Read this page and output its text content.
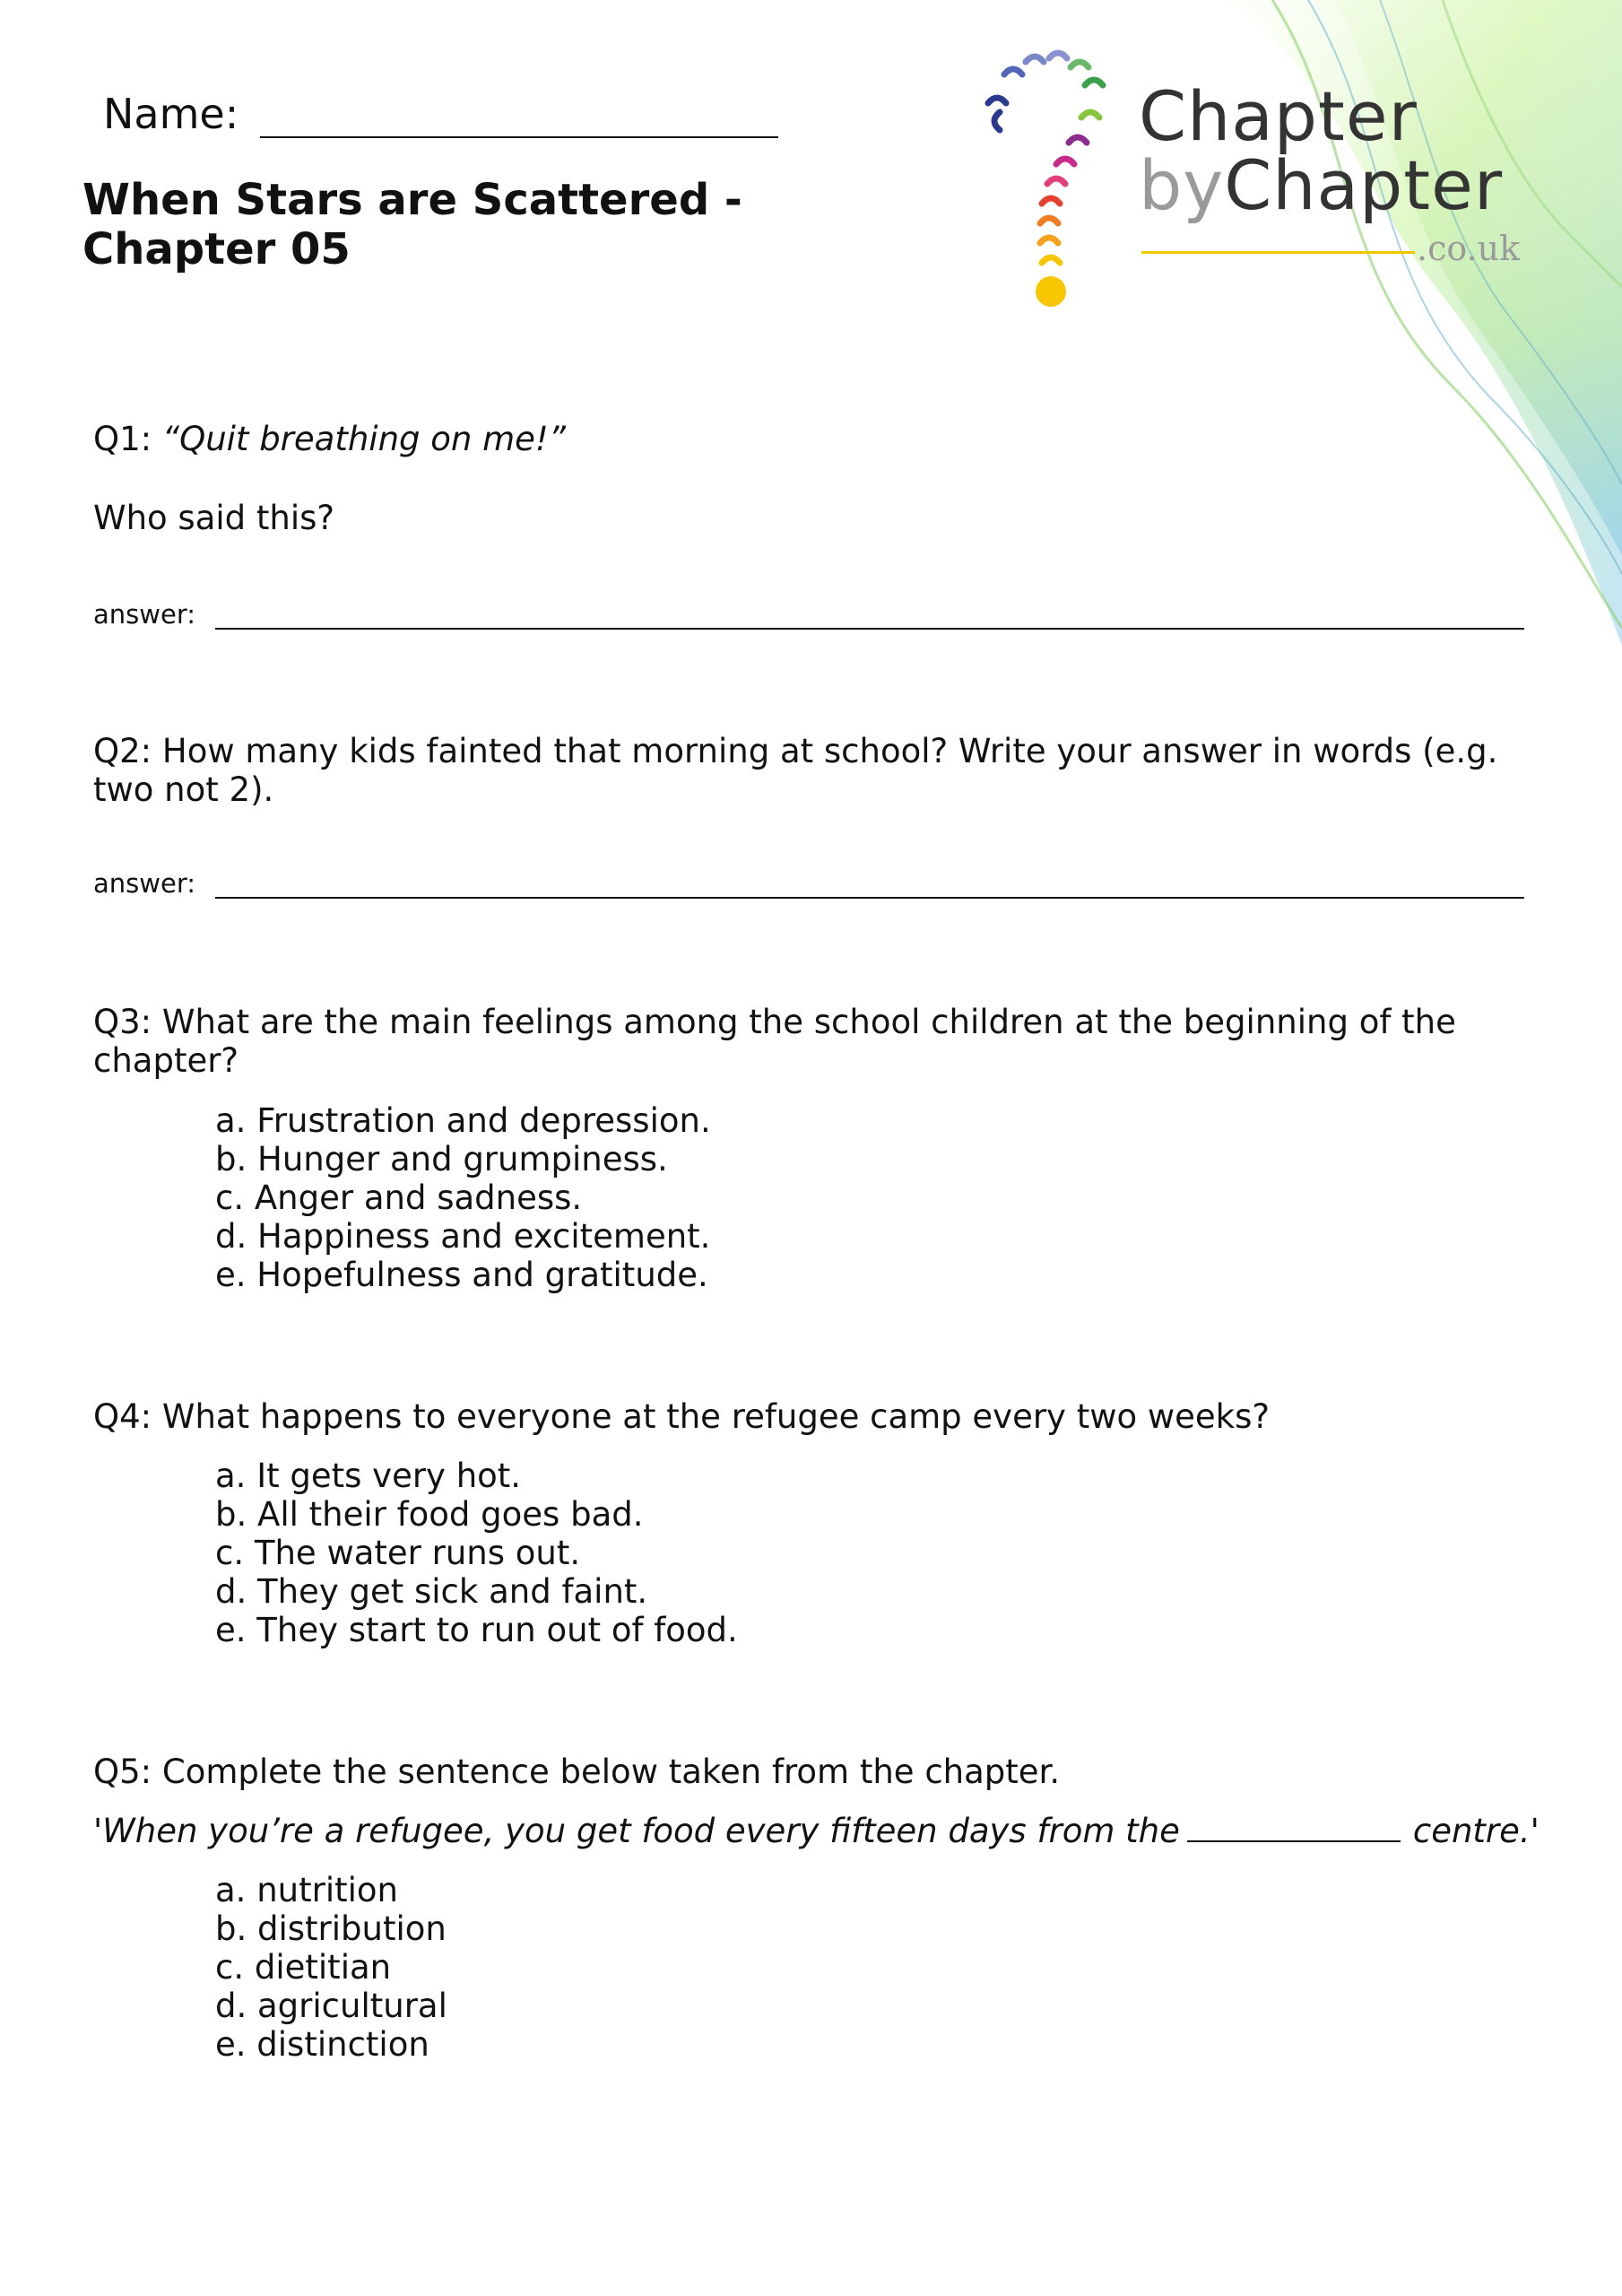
Name:
When Stars are Scattered - Chapter 05
Chapter
byChapter
.co.uk
Q1: “Quit breathing on me!”
Who said this?
answer:
Q2: How many kids fainted that morning at school? Write your answer in words (e.g. two not 2).
answer:
Q3: What are the main feelings among the school children at the beginning of the chapter?
a. Frustration and depression.
b. Hunger and grumpiness.
c. Anger and sadness.
d. Happiness and excitement.
e. Hopefulness and gratitude.
Q4: What happens to everyone at the refugee camp every two weeks?
a. It gets very hot.
b. All their food goes bad.
c. The water runs out.
d. They get sick and faint.
e. They start to run out of food.
Q5: Complete the sentence below taken from the chapter.
'When you’re a refugee, you get food every fifteen days from the	centre.'
a. nutrition
b. distribution
c. dietitian
d. agricultural
e. distinction
